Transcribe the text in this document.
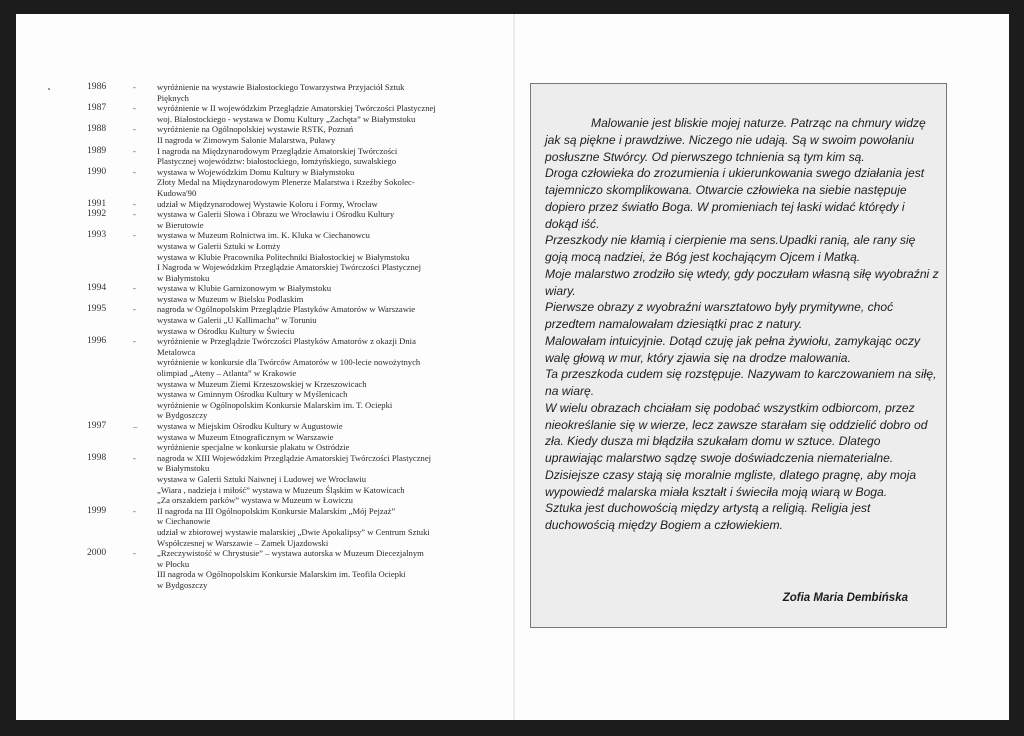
1986	-	wyróżnienie na wystawie Białostockiego Towarzystwa Przyjaciół Sztuk
Pięknych
1987	-	wyróżnienie w II wojewódzkim Przeglądzie Amatorskiej Twórczości Plastycznej
woj. Białostockiego - wystawa w Domu Kultury „Zachęta” w Białymstoku
1988	-	wyróżnienie na Ogólnopolskiej wystawie RSTK, Poznań
II nagroda w Zimowym Salonie Malarstwa, Puławy
1989	-	I nagroda na Międzynarodowym Przeglądzie Amatorskiej Twórczości
Plastycznej województw: białostockiego, łomżyńskiego, suwalskiego
1990	-	wystawa w Wojewódzkim Domu Kultury w Białymstoku
Złoty Medal na Międzynarodowym Plenerze Malarstwa i Rzeźby Sokolec-
Kudowa'90
1991	-	udział w Międzynarodowej Wystawie Koloru i Formy, Wrocław
1992	-	wystawa w Galerii Słowa i Obrazu we Wrocławiu i Ośrodku Kultury
w Bierutowie
1993	-	wystawa w Muzeum Rolnictwa im. K. Kluka w Ciechanowcu
wystawa w Galerii Sztuki w Łomży
wystawa w Klubie Pracownika Politechniki Białostockiej w Białymstoku
I Nagroda w Wojewódzkim Przeglądzie Amatorskiej Twórczości Plastycznej
w Białymstoku
1994	-	wystawa w Klubie Garnizonowym w Białymstoku
wystawa w Muzeum w Bielsku Podlaskim
1995	-	nagroda w Ogólnopolskim Przeglądzie Plastyków Amatorów w Warszawie
wystawa w Galerii „U Kallimacha” w Toruniu
wystawa w Ośrodku Kultury w Świeciu
1996	-	wyróżnienie w Przeglądzie Twórczości Plastyków Amatorów z okazji Dnia
Metalowca
wyróżnienie w konkursie dla Twórców Amatorów w 100-lecie nowożytnych
olimpiad „Ateny – Atlanta” w Krakowie
wystawa w Muzeum Ziemi Krzeszowskiej w Krzeszowicach
wystawa w Gminnym Ośrodku Kultury w Myślenicach
wyróżnienie w Ogólnopolskim Konkursie Malarskim im. T. Ociepki
w Bydgoszczy
1997	–	wystawa w Miejskim Ośrodku Kultury w Augustowie
wystawa w Muzeum Etnograficznym w Warszawie
wyróżnienie specjalne w konkursie plakatu w Ostródzie
1998	-	nagroda w XIII Wojewódzkim Przeglądzie Amatorskiej Twórczości Plastycznej
w Białymstoku
wystawa w Galerii Sztuki Naiwnej i Ludowej we Wrocławiu
„Wiara , nadzieja i miłość” wystawa w Muzeum Śląskim w Katowicach
„Za orszakiem parków” wystawa w Muzeum w Łowiczu
1999	-	II nagroda na III Ogólnopolskim Konkursie Malarskim „Mój Pejzaż”
w Ciechanowie
udział w zbiorowej wystawie malarskiej „Dwie Apokalipsy” w Centrum Sztuki
Współczesnej w Warszawie – Zamek Ujazdowski
2000	-	„Rzeczywistość w Chrystusie” – wystawa autorska w Muzeum Diecezjalnym
w Płocku
III nagroda w Ogólnopolskim Konkursie Malarskim im. Teofila Ociepki
w Bydgoszczy

Malowanie jest bliskie mojej naturze. Patrząc na chmury widzę jak są piękne i prawdziwe. Niczego nie udają. Są w swoim powołaniu posłuszne Stwórcy. Od pierwszego tchnienia są tym kim są.

Droga człowieka do zrozumienia i ukierunkowania swego działania jest tajemniczo skomplikowana. Otwarcie człowieka na siebie następuje dopiero przez światło Boga. W promieniach tej łaski widać którędy i dokąd iść.

Przeszkody nie kłamią i cierpienie ma sens.Upadki ranią, ale rany się goją mocą nadziei, że Bóg jest kochającym Ojcem i Matką.

Moje malarstwo zrodziło się wtedy, gdy poczułam własną siłę wyobraźni z wiary.

Pierwsze obrazy z wyobraźni warsztatowo były prymitywne, choć przedtem namalowałam dziesiątki prac z natury.

Malowałam intuicyjnie. Dotąd czuję jak pełna żywiołu, zamykając oczy walę głową w mur, który zjawia się na drodze malowania.

Ta przeszkoda cudem się rozstępuje. Nazywam to karczowaniem na siłę, na wiarę.

W wielu obrazach chciałam się podobać wszystkim odbiorcom, przez nieokreślanie się w wierze, lecz zawsze starałam się oddzielić dobro od zła. Kiedy dusza mi błądziła szukałam domu w sztuce. Dlatego uprawiając malarstwo sądzę swoje doświadczenia niematerialne. Dzisiejsze czasy stają się moralnie mgliste, dlatego pragnę, aby moja wypowiedź malarska miała kształt i świeciła moją wiarą w Boga.

Sztuka jest duchowością między artystą a religią. Religia jest duchowością między Bogiem a człowiekiem.

Zofia Maria Dembińska
